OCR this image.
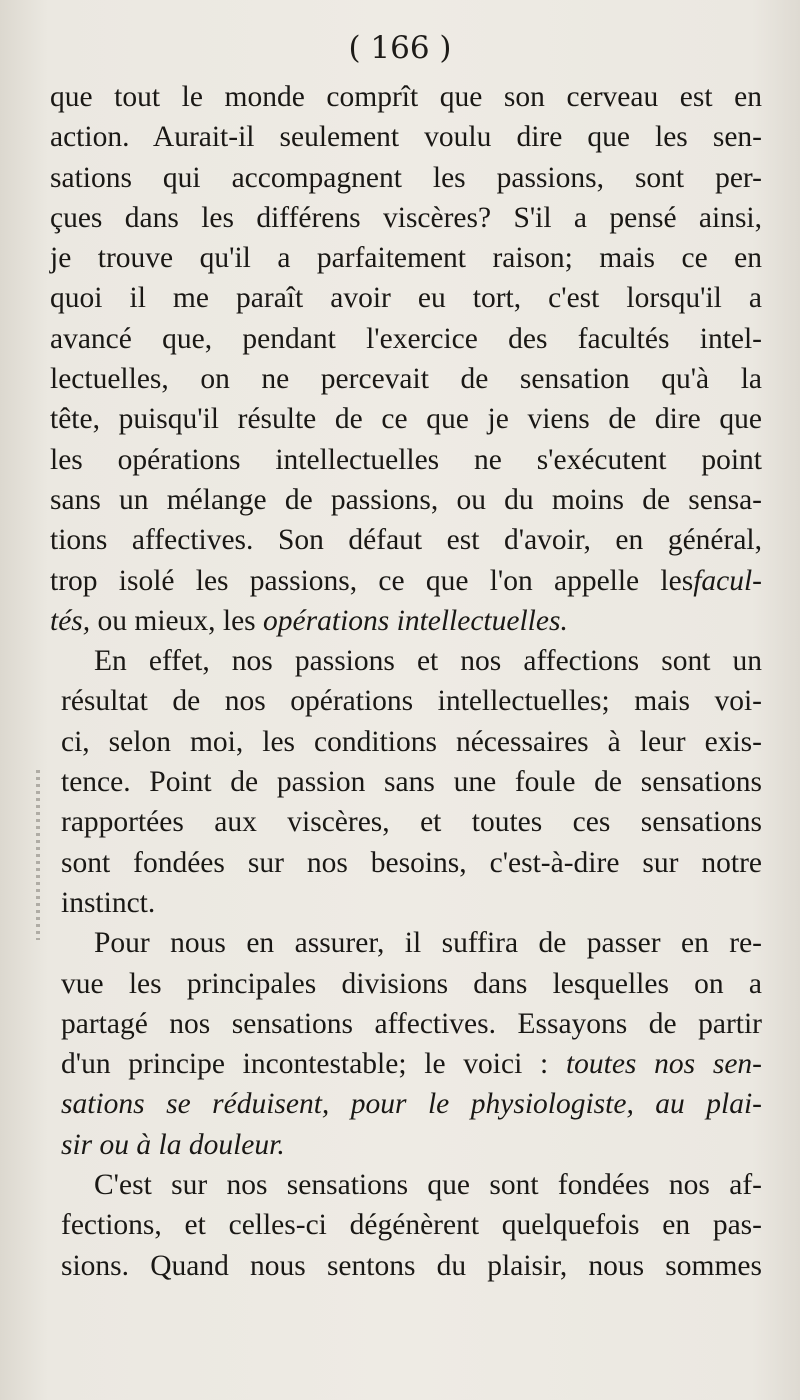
( 166 )
que tout le monde comprît que son cerveau est en
action. Aurait-il seulement voulu dire que les sen-
sations qui accompagnent les passions, sont per-
çues dans les différens viscères? S'il a pensé ainsi,
je trouve qu'il a parfaitement raison; mais ce en
quoi il me paraît avoir eu tort, c'est lorsqu'il a
avancé que, pendant l'exercice des facultés intel-
lectuelles, on ne percevait de sensation qu'à la
tête, puisqu'il résulte de ce que je viens de dire que
les opérations intellectuelles ne s'exécutent point
sans un mélange de passions, ou du moins de sensa-
tions affectives. Son défaut est d'avoir, en général,
trop isolé les passions, ce que l'on appelle lesfacul-
tés, ou mieux, les opérations intellectuelles.
En effet, nos passions et nos affections sont un
résultat de nos opérations intellectuelles; mais voi-
ci, selon moi, les conditions nécessaires à leur exis-
tence. Point de passion sans une foule de sensations
rapportées aux viscères, et toutes ces sensations
sont fondées sur nos besoins, c'est-à-dire sur notre
instinct.
Pour nous en assurer, il suffira de passer en re-
vue les principales divisions dans lesquelles on a
partagé nos sensations affectives. Essayons de partir
d'un principe incontestable; le voici : toutes nos sen-
sations se réduisent, pour le physiologiste, au plai-
sir ou à la douleur.
C'est sur nos sensations que sont fondées nos af-
fections, et celles-ci dégénèrent quelquefois en pas-
sions. Quand nous sentons du plaisir, nous sommes
